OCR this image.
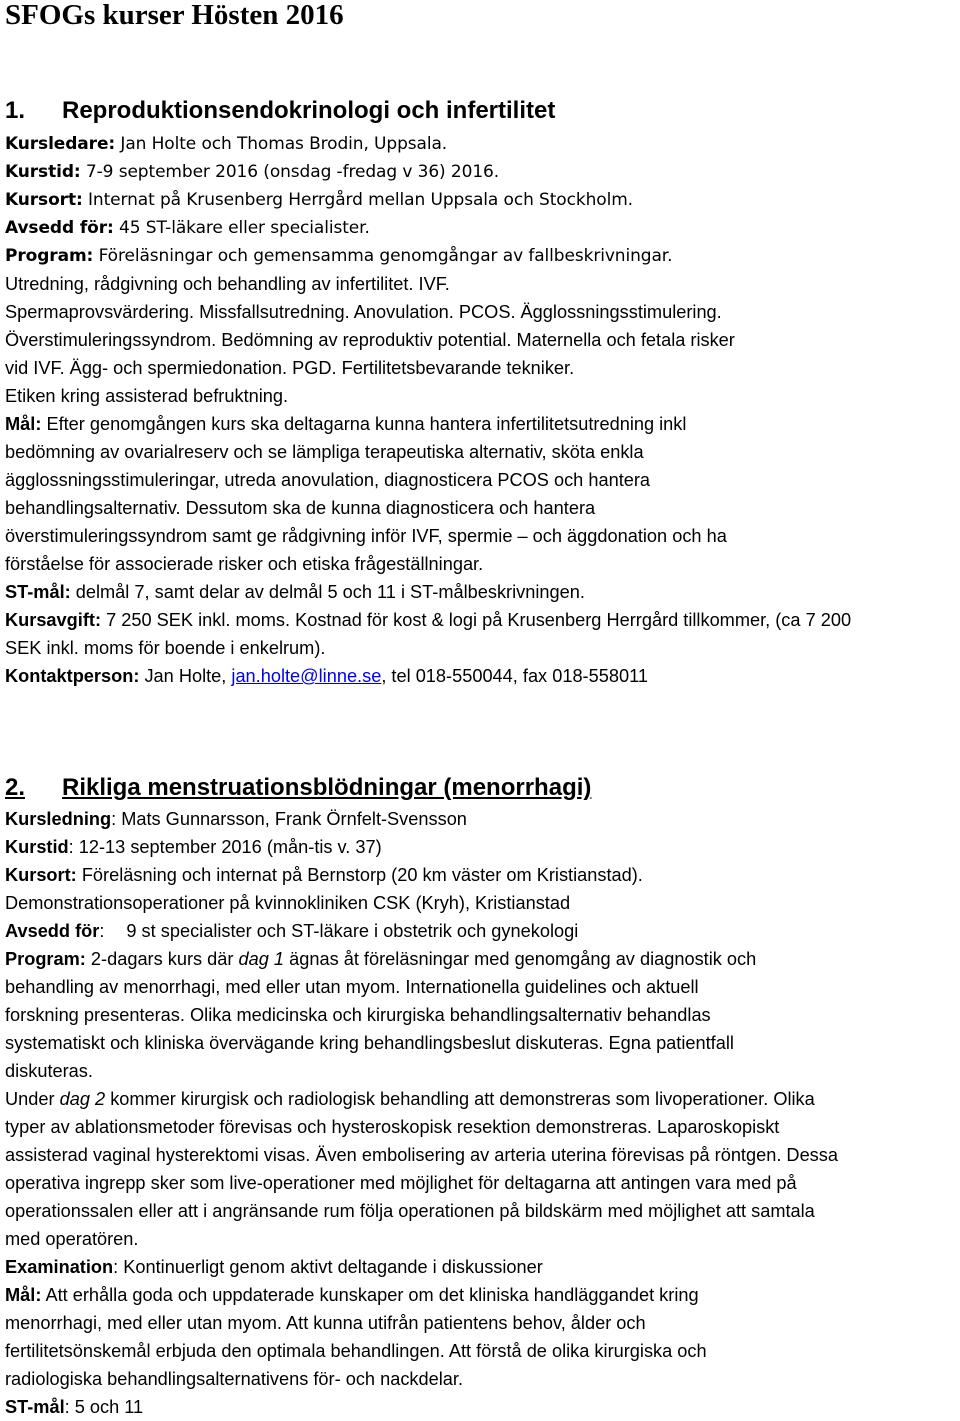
SFOGs kurser Hösten 2016
1. Reproduktionsendokrinologi och infertilitet

Kursledare: Jan Holte och Thomas Brodin, Uppsala.

Kurstid: 7-9 september 2016 (onsdag -fredag v 36) 2016.

Kursort: Internat på Krusenberg Herrgård mellan Uppsala och Stockholm.

Avsedd för: 45 ST-läkare eller specialister.

Program: Föreläsningar och gemensamma genomgångar av fallbeskrivningar.

Utredning, rådgivning och behandling av infertilitet. IVF.

Spermaprovsvärdering. Missfallsutredning. Anovulation. PCOS. Ägglossningsstimulering.

Överstimuleringssyndrom. Bedömning av reproduktiv potential. Maternella och fetala risker

vid IVF. Ägg- och spermiedonation. PGD. Fertilitetsbevarande tekniker.

Etiken kring assisterad befruktning.

Mål: Efter genomgången kurs ska deltagarna kunna hantera infertilitetsutredning inkl

bedömning av ovarialreserv och se lämpliga terapeutiska alternativ, sköta enkla

ägglossningsstimuleringar, utreda anovulation, diagnosticera PCOS och hantera

behandlingsalternativ. Dessutom ska de kunna diagnosticera och hantera

överstimuleringssyndrom samt ge rådgivning inför IVF, spermie – och äggdonation och ha

förståelse för associerade risker och etiska frågeställningar.

ST-mål: delmål 7, samt delar av delmål 5 och 11 i ST-målbeskrivningen.

Kursavgift: 7 250 SEK inkl. moms. Kostnad för kost & logi på Krusenberg Herrgård tillkommer, (ca 7 200

SEK inkl. moms för boende i enkelrum).

Kontaktperson: Jan Holte, jan.holte@linne.se, tel 018-550044, fax 018-558011

2. Rikliga menstruationsblödningar (menorrhagi)

Kursledning: Mats Gunnarsson, Frank Örnfelt-Svensson

Kurstid: 12-13 september 2016 (mån-tis v. 37)

Kursort: Föreläsning och internat på Bernstorp (20 km väster om Kristianstad).

Demonstrationsoperationer på kvinnokliniken CSK (Kryh), Kristianstad

Avsedd för: 9 st specialister och ST-läkare i obstetrik och gynekologi

Program: 2-dagars kurs där dag 1 ägnas åt föreläsningar med genomgång av diagnostik och

behandling av menorrhagi, med eller utan myom. Internationella guidelines och aktuell

forskning presenteras. Olika medicinska och kirurgiska behandlingsalternativ behandlas

systematiskt och kliniska övervägande kring behandlingsbeslut diskuteras. Egna patientfall

diskuteras.

Under dag 2 kommer kirurgisk och radiologisk behandling att demonstreras som livoperationer. Olika

typer av ablationsmetoder förevisas och hysteroskopisk resektion demonstreras. Laparoskopiskt

assisterad vaginal hysterektomi visas. Även embolisering av arteria uterina förevisas på röntgen. Dessa

operativa ingrepp sker som live-operationer med möjlighet för deltagarna att antingen vara med på

operationssalen eller att i angränsande rum följa operationen på bildskärm med möjlighet att samtala

med operatören.

Examination: Kontinuerligt genom aktivt deltagande i diskussioner

Mål: Att erhålla goda och uppdaterade kunskaper om det kliniska handläggandet kring

menorrhagi, med eller utan myom. Att kunna utifrån patientens behov, ålder och

fertilitetsönskemål erbjuda den optimala behandlingen. Att förstå de olika kirurgiska och

radiologiska behandlingsalternativens för- och nackdelar.

ST-mål: 5 och 11
